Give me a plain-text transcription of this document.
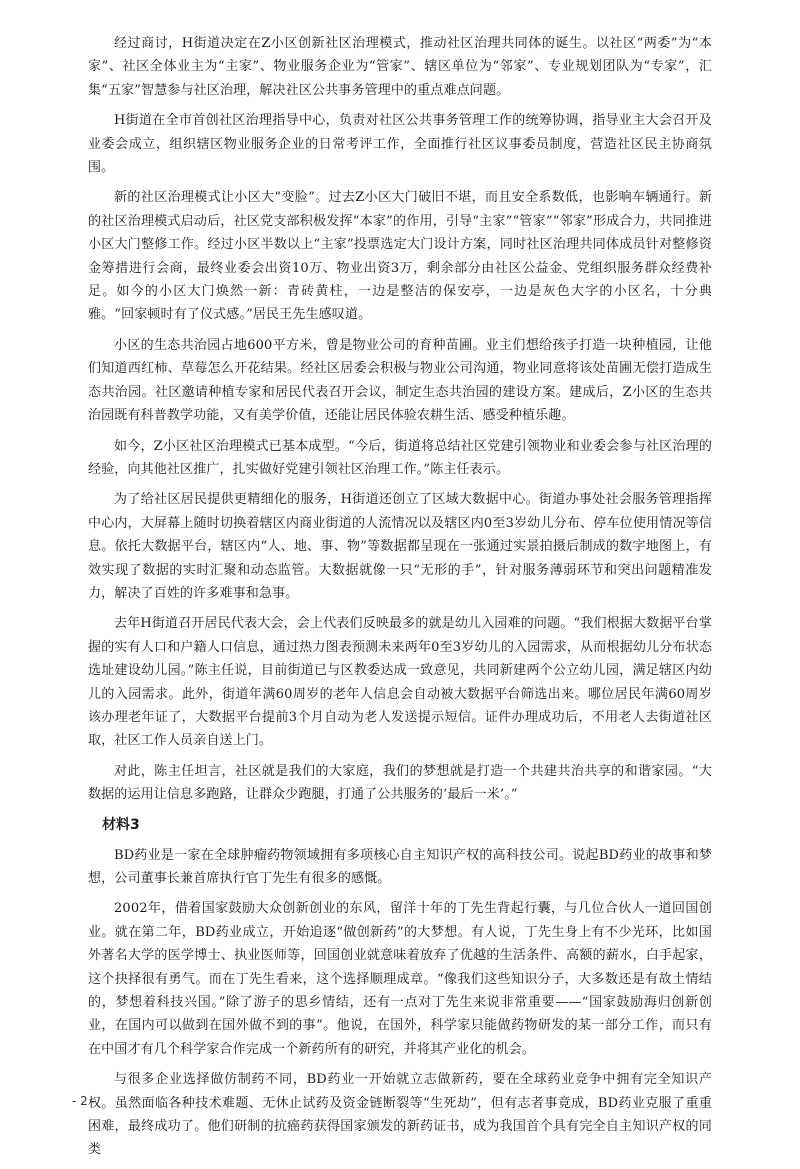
经过商讨，H街道决定在Z小区创新社区治理模式，推动社区治理共同体的诞生。以社区“两委”为“本家”、社区全体业主为“主家”、物业服务企业为“管家”、辖区单位为“邻家”、专业规划团队为“专家”，汇集“五家”智慧参与社区治理，解决社区公共事务管理中的重点难点问题。

H街道在全市首创社区治理指导中心，负责对社区公共事务管理工作的统筹协调，指导业主大会召开及业委会成立，组织辖区物业服务企业的日常考评工作，全面推行社区议事委员制度，营造社区民主协商氛围。

新的社区治理模式让小区大“变脸”。过去Z小区大门破旧不堪，而且安全系数低，也影响车辆通行。新的社区治理模式启动后，社区党支部积极发挥“本家”的作用，引导“主家”“管家”“邻家”形成合力，共同推进小区大门整修工作。经过小区半数以上“主家”投票选定大门设计方案，同时社区治理共同体成员针对整修资金筹措进行会商，最终业委会出资10万、物业出资3万，剩余部分由社区公益金、党组织服务群众经费补足。如今的小区大门焕然一新：青砖黄柱，一边是整洁的保安亭，一边是灰色大字的小区名，十分典雅。“回家顿时有了仪式感。”居民王先生感叹道。

小区的生态共治园占地600平方米，曾是物业公司的育种苗圃。业主们想给孩子打造一块种植园，让他们知道西红柿、草莓怎么开花结果。经社区居委会积极与物业公司沟通，物业同意将该处苗圃无偿打造成生态共治园。社区邀请种植专家和居民代表召开会议，制定生态共治园的建设方案。建成后，Z小区的生态共治园既有科普教学功能，又有美学价值，还能让居民体验农耕生活、感受种植乐趣。

如今，Z小区社区治理模式已基本成型。“今后，街道将总结社区党建引领物业和业委会参与社区治理的经验，向其他社区推广，扎实做好党建引领社区治理工作。”陈主任表示。

为了给社区居民提供更精细化的服务，H街道还创立了区域大数据中心。街道办事处社会服务管理指挥中心内，大屏幕上随时切换着辖区内商业街道的人流情况以及辖区内0至3岁幼儿分布、停车位使用情况等信息。依托大数据平台，辖区内“人、地、事、物”等数据都呈现在一张通过实景拍摄后制成的数字地图上，有效实现了数据的实时汇聚和动态监管。大数据就像一只“无形的手”，针对服务薄弱环节和突出问题精准发力，解决了百姓的许多难事和急事。

去年H街道召开居民代表大会，会上代表们反映最多的就是幼儿入园难的问题。“我们根据大数据平台掌握的实有人口和户籍人口信息，通过热力图表预测未来两年0至3岁幼儿的入园需求，从而根据幼儿分布状态选址建设幼儿园。”陈主任说，目前街道已与区教委达成一致意见，共同新建两个公立幼儿园，满足辖区内幼儿的入园需求。此外，街道年满60周岁的老年人信息会自动被大数据平台筛选出来。哪位居民年满60周岁该办理老年证了，大数据平台提前3个月自动为老人发送提示短信。证件办理成功后，不用老人去街道社区取，社区工作人员亲自送上门。

对此，陈主任坦言，社区就是我们的大家庭，我们的梦想就是打造一个共建共治共享的和谐家园。“大数据的运用让信息多跑路，让群众少跑腿，打通了公共服务的‘最后一米’。”

材料3

BD药业是一家在全球肿瘤药物领域拥有多项核心自主知识产权的高科技公司。说起BD药业的故事和梦想，公司董事长兼首席执行官丁先生有很多的感慨。

2002年，借着国家鼓励大众创新创业的东风，留洋十年的丁先生背起行囊，与几位合伙人一道回国创业。就在第二年，BD药业成立，开始追逐“做创新药”的大梦想。有人说，丁先生身上有不少光环，比如国外著名大学的医学博士、执业医师等，回国创业就意味着放弃了优越的生活条件、高额的薪水，白手起家，这个抉择很有勇气。而在丁先生看来，这个选择顺理成章。“像我们这些知识分子，大多数还是有故土情结的，梦想着科技兴国。”除了游子的思乡情结，还有一点对丁先生来说非常重要——“国家鼓励海归创新创业，在国内可以做到在国外做不到的事”。他说，在国外，科学家只能做药物研发的某一部分工作，而只有在中国才有几个科学家合作完成一个新药所有的研究，并将其产业化的机会。

与很多企业选择做仿制药不同，BD药业一开始就立志做新药，要在全球药业竞争中拥有完全知识产权。虽然面临各种技术难题、无休止试药及资金链断裂等“生死劫”，但有志者事竟成，BD药业克服了重重困难，最终成功了。他们研制的抗癌药获得国家颁发的新药证书，成为我国首个具有完全自主知识产权的同类

- 2 -
